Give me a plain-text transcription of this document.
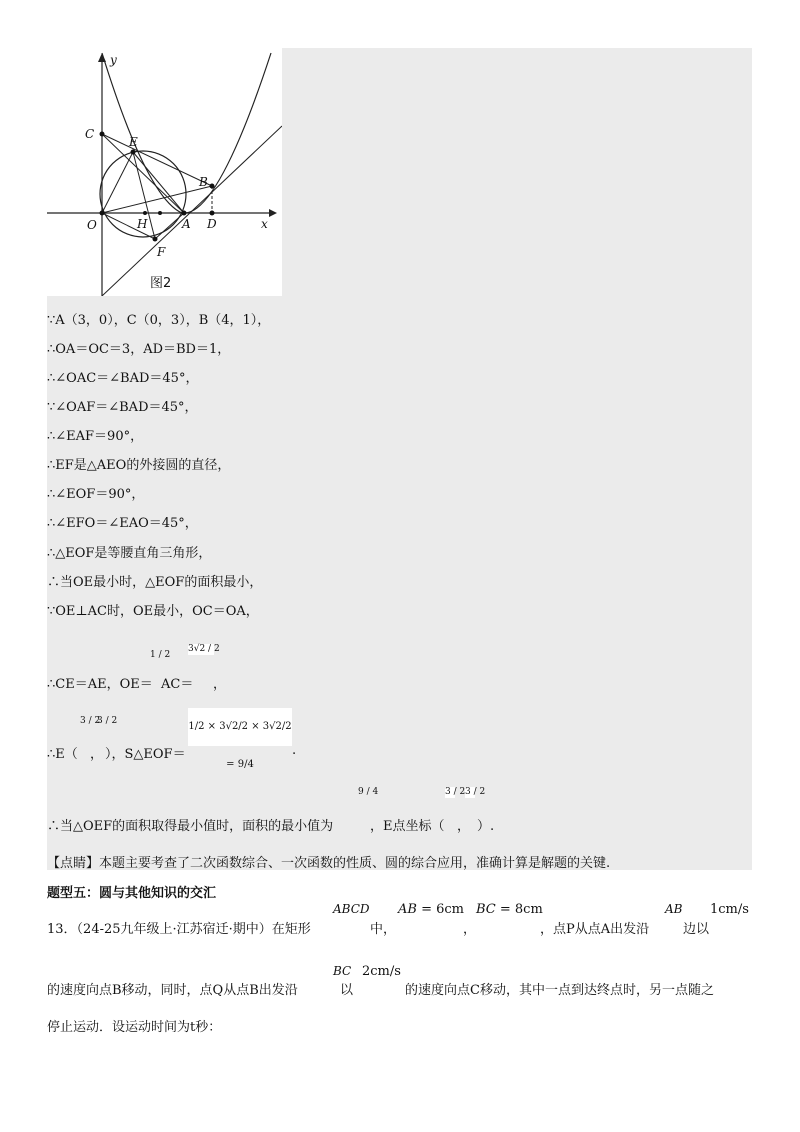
y
x
C
E
B
O	H	A D
F
图2
∵A（3，0），C（0，3），B（4，1），
∴OA＝OC＝3，AD＝BD＝1，
∴∠OAC＝∠BAD＝45°，
∵∠OAF＝∠BAD＝45°，
∴∠EAF＝90°，
∴EF是△AEO的外接圆的直径，
∴∠EOF＝90°，
∴∠EFO＝∠EAO＝45°，
∴△EOF是等腰直角三角形，
∴当OE最小时，△EOF的面积最小，
∵OE⊥AC时，OE最小，OC＝OA，
1 / 2
3√2 / 2
∴CE＝AE，OE＝ AC＝ ，
3 / 2
3 / 2	1/2 × 3√2/2 × 3√2/2 = 9/4
∴E（ ， ），S△EOF＝	.
9 / 4	3 / 2 3 / 2
∴当△OEF的面积取得最小值时，面积的最小值为	，E点坐标（ ， ）.
【点睛】本题主要考查了二次函数综合、一次函数的性质、圆的综合应用，准确计算是解题的关键.
题型五：圆与其他知识的交汇
13．（24-25九年级上·江苏宿迁·期中）在矩形
ABCD
中，
AB = 6cm
，
BC = 8cm
，点P从点A出发沿
AB
边以
1cm/s
的速度向点B移动，同时，点Q从点B出发沿
BC
以
2cm/s
的速度向点C移动，其中一点到达终点时，另一点随之
停止运动．设运动时间为t秒：
